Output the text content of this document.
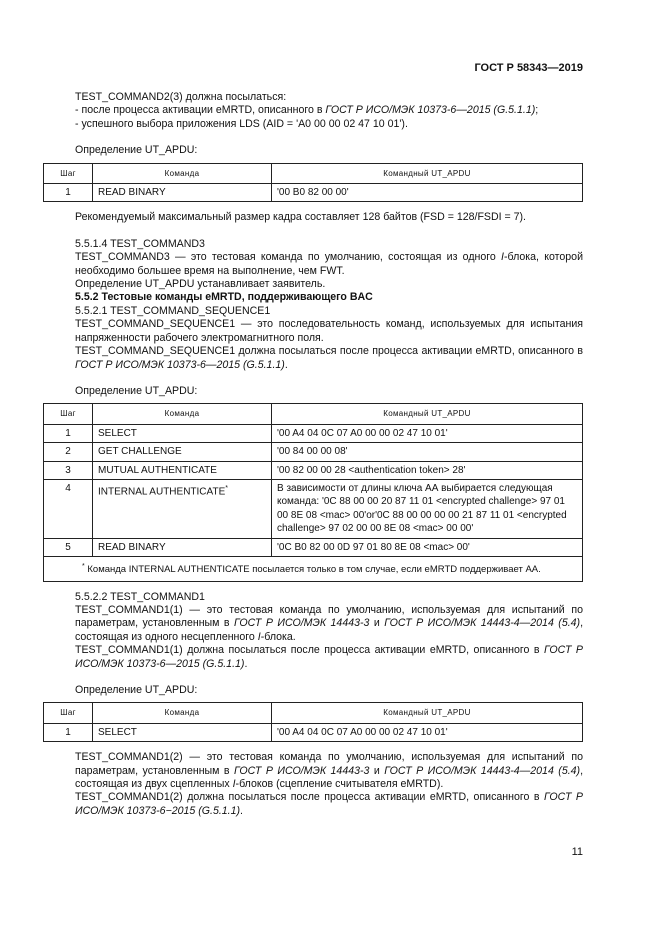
ГОСТ Р 58343—2019

TEST_COMMAND2(3) должна посылаться:

- после процесса активации eMRTD, описанного в ГОСТ Р ИСО/МЭК 10373-6—2015 (G.5.1.1);

- успешного выбора приложения LDS (AID = 'A0 00 00 02 47 10 01').

Определение UT_APDU:

Шаг	Команда	Командный UT_APDU
1	READ BINARY	'00 B0 82 00 00'

Рекомендуемый максимальный размер кадра составляет 128 байтов (FSD = 128/FSDI = 7).

5.5.1.4 TEST_COMMAND3

TEST_COMMAND3 — это тестовая команда по умолчанию, состоящая из одного I-блока, которой необходимо большее время на выполнение, чем FWT.

Определение UT_APDU устанавливает заявитель.

5.5.2 Тестовые команды eMRTD, поддерживающего BAC

5.5.2.1 TEST_COMMAND_SEQUENCE1

TEST_COMMAND_SEQUENCE1 — это последовательность команд, используемых для испытания напряженности рабочего электромагнитного поля.

TEST_COMMAND_SEQUENCE1 должна посылаться после процесса активации eMRTD, описанного в ГОСТ Р ИСО/МЭК 10373-6—2015 (G.5.1.1).

Определение UT_APDU:

Шаг	Команда	Командный UT_APDU
1	SELECT	'00 A4 04 0C 07 A0 00 00 02 47 10 01'
2	GET CHALLENGE	'00 84 00 00 08'
3	MUTUAL AUTHENTICATE	'00 82 00 00 28 <authentication token> 28'
4	INTERNAL AUTHENTICATE*	В зависимости от длины ключа АА выбирается следующая команда: '0C 88 00 00 20 87 11 01 <encrypted challenge> 97 01 00 8E 08 <mac> 00'or'0C 88 00 00 00 00 21 87 11 01 <encrypted challenge> 97 02 00 00 8E 08 <mac> 00 00'
5	READ BINARY	'0C B0 82 00 0D 97 01 80 8E 08 <mac> 00'
* Команда INTERNAL AUTHENTICATE посылается только в том случае, если eMRTD поддерживает АА.		

5.5.2.2 TEST_COMMAND1

TEST_COMMAND1(1) — это тестовая команда по умолчанию, используемая для испытаний по параметрам, установленным в ГОСТ Р ИСО/МЭК 14443-3 и ГОСТ Р ИСО/МЭК 14443-4—2014 (5.4), состоящая из одного несцепленного I-блока.

TEST_COMMAND1(1) должна посылаться после процесса активации eMRTD, описанного в ГОСТ Р ИСО/МЭК 10373-6—2015 (G.5.1.1).

Определение UT_APDU:

Шаг	Команда	Командный UT_APDU
1	SELECT	'00 A4 04 0C 07 A0 00 00 02 47 10 01'

TEST_COMMAND1(2) — это тестовая команда по умолчанию, используемая для испытаний по параметрам, установленным в ГОСТ Р ИСО/МЭК 14443-3 и ГОСТ Р ИСО/МЭК 14443-4—2014 (5.4), состоящая из двух сцепленных I-блоков (сцепление считывателя eMRTD).

TEST_COMMAND1(2) должна посылаться после процесса активации eMRTD, описанного в ГОСТ Р ИСО/МЭК 10373-6−2015 (G.5.1.1).

11
